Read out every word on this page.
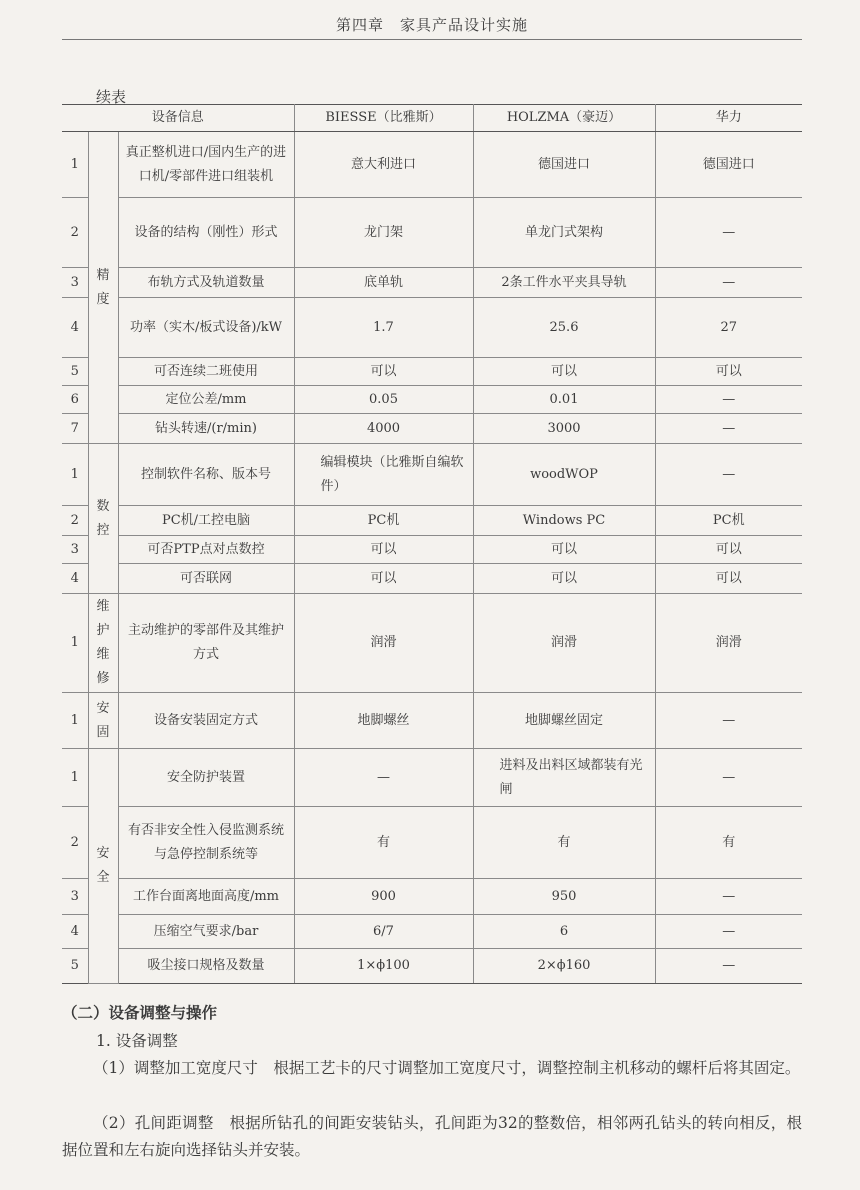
第四章　家具产品设计实施
续表
设备信息			BIESSE（比雅斯）	HOLZMA（豪迈）	华力
1	精度	真正整机进口/国内生产的进口机/零部件进口组装机	意大利进口	德国进口	德国进口
2		设备的结构（刚性）形式	龙门架	单龙门式架构	—
3		布轨方式及轨道数量	底单轨	2条工件水平夹具导轨	—
4		功率（实木/板式设备)/kW	1.7	25.6	27
5		可否连续二班使用	可以	可以	可以
6		定位公差/mm	0.05	0.01	—
7		钻头转速/(r/min)	4000	3000	—
1	数控	控制软件名称、版本号	编辑模块（比雅斯自编软件）	woodWOP	—
2		PC机/工控电脑	PC机	Windows PC	PC机
3		可否PTP点对点数控	可以	可以	可以
4		可否联网	可以	可以	可以
1	维护维修	主动维护的零部件及其维护方式	润滑	润滑	润滑
1	安固	设备安装固定方式	地脚螺丝	地脚螺丝固定	—
1	安全	安全防护装置	—	进料及出料区域都装有光闸	—
2		有否非安全性入侵监测系统与急停控制系统等	有	有	有
3		工作台面离地面高度/mm	900	950	—
4		压缩空气要求/bar	6/7	6	—
5		吸尘接口规格及数量	1×ϕ100	2×ϕ160	—
（二）设备调整与操作
1. 设备调整
（1）调整加工宽度尺寸　根据工艺卡的尺寸调整加工宽度尺寸，调整控制主机移动的螺杆后将其固定。
（2）孔间距调整　根据所钻孔的间距安装钻头，孔间距为32的整数倍，相邻两孔钻头的转向相反，根据位置和左右旋向选择钻头并安装。
